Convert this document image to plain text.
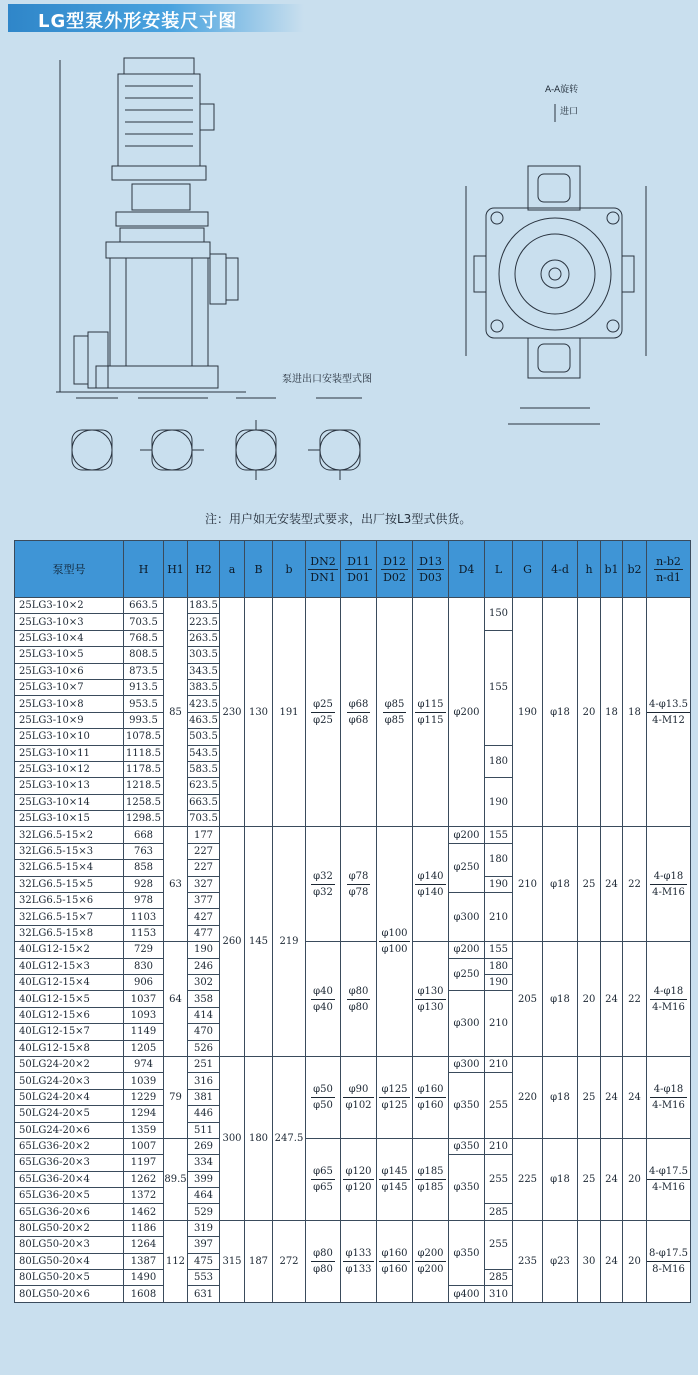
LG型泵外形安装尺寸图
A-A旋转
进口
泵进出口安装型式图
注：用户如无安装型式要求，出厂按L3型式供货。
泵型号	H	H1	H2	a	B	b	$\frac{DN2}{DN1}$	$\frac{D11}{D01}$	$\frac{D12}{D02}$	$\frac{D13}{D03}$	D4	L	G	4-d	h	b1	b2	$\frac{n-b2}{n-d1}$

25LG3-10×2	663.5	85	183.5	230	130	191	$\frac{\varphi 25}{\varphi 25}$	$\frac{\varphi 68}{\varphi 68}$	$\frac{\varphi 85}{\varphi 85}$	$\frac{\varphi 115}{\varphi 115}$	φ200	150	190	φ18	20	18	18	$\frac{4-\varphi 13.5}{4-M12}$

25LG3-10×3	703.5		223.5															
25LG3-10×4	768.5		263.5									155						
25LG3-10×5	808.5		303.5															
25LG3-10×6	873.5		343.5															
25LG3-10×7	913.5		383.5															
25LG3-10×8	953.5		423.5															
25LG3-10×9	993.5		463.5															
25LG3-10×10	1078.5		503.5															
25LG3-10×11	1118.5		543.5									180						
25LG3-10×12	1178.5		583.5															
25LG3-10×13	1218.5		623.5									190						
25LG3-10×14	1258.5		663.5															
25LG3-10×15	1298.5		703.5															
32LG6.5-15×2	668	63	177	260	145	219	$\frac{\varphi 32}{\varphi 32}$	$\frac{\varphi 78}{\varphi 78}$	$\frac{\varphi 100}{\varphi 100}$	$\frac{\varphi 140}{\varphi 140}$	φ200	155	210	φ18	25	24	22	$\frac{4-\varphi 18}{4-M16}$

32LG6.5-15×3	763		227								φ250	180						
32LG6.5-15×4	858		227															
32LG6.5-15×5	928		327									190						
32LG6.5-15×6	978		377								φ300	210						
32LG6.5-15×7	1103		427															
32LG6.5-15×8	1153		477															
40LG12-15×2	729	64	190				$\frac{\varphi 40}{\varphi 40}$	$\frac{\varphi 80}{\varphi 80}$		$\frac{\varphi 130}{\varphi 130}$	φ200	155	205	φ18	20	24	22	$\frac{4-\varphi 18}{4-M16}$

40LG12-15×3	830		246								φ250	180						
40LG12-15×4	906		302									190						
40LG12-15×5	1037		358								φ300	210						
40LG12-15×6	1093		414															
40LG12-15×7	1149		470															
40LG12-15×8	1205		526															
50LG24-20×2	974	79	251	300	180	247.5	$\frac{\varphi 50}{\varphi 50}$	$\frac{\varphi 90}{\varphi 102}$	$\frac{\varphi 125}{\varphi 125}$	$\frac{\varphi 160}{\varphi 160}$	φ300	210	220	φ18	25	24	24	$\frac{4-\varphi 18}{4-M16}$

50LG24-20×3	1039		316								φ350	255						
50LG24-20×4	1229		381															
50LG24-20×5	1294		446															
50LG24-20×6	1359		511															
65LG36-20×2	1007	89.5	269				$\frac{\varphi 65}{\varphi 65}$	$\frac{\varphi 120}{\varphi 120}$	$\frac{\varphi 145}{\varphi 145}$	$\frac{\varphi 185}{\varphi 185}$	φ350	210	225	φ18	25	24	20	$\frac{4-\varphi 17.5}{4-M16}$

65LG36-20×3	1197		334								φ350	255						
65LG36-20×4	1262		399															
65LG36-20×5	1372		464															
65LG36-20×6	1462		529									285						
80LG50-20×2	1186	112	319	315	187	272	$\frac{\varphi 80}{\varphi 80}$	$\frac{\varphi 133}{\varphi 133}$	$\frac{\varphi 160}{\varphi 160}$	$\frac{\varphi 200}{\varphi 200}$	φ350	255	235	φ23	30	24	20	$\frac{8-\varphi 17.5}{8-M16}$

80LG50-20×3	1264		397															
80LG50-20×4	1387		475															
80LG50-20×5	1490		553									285						
80LG50-20×6	1608		631								φ400	310						
